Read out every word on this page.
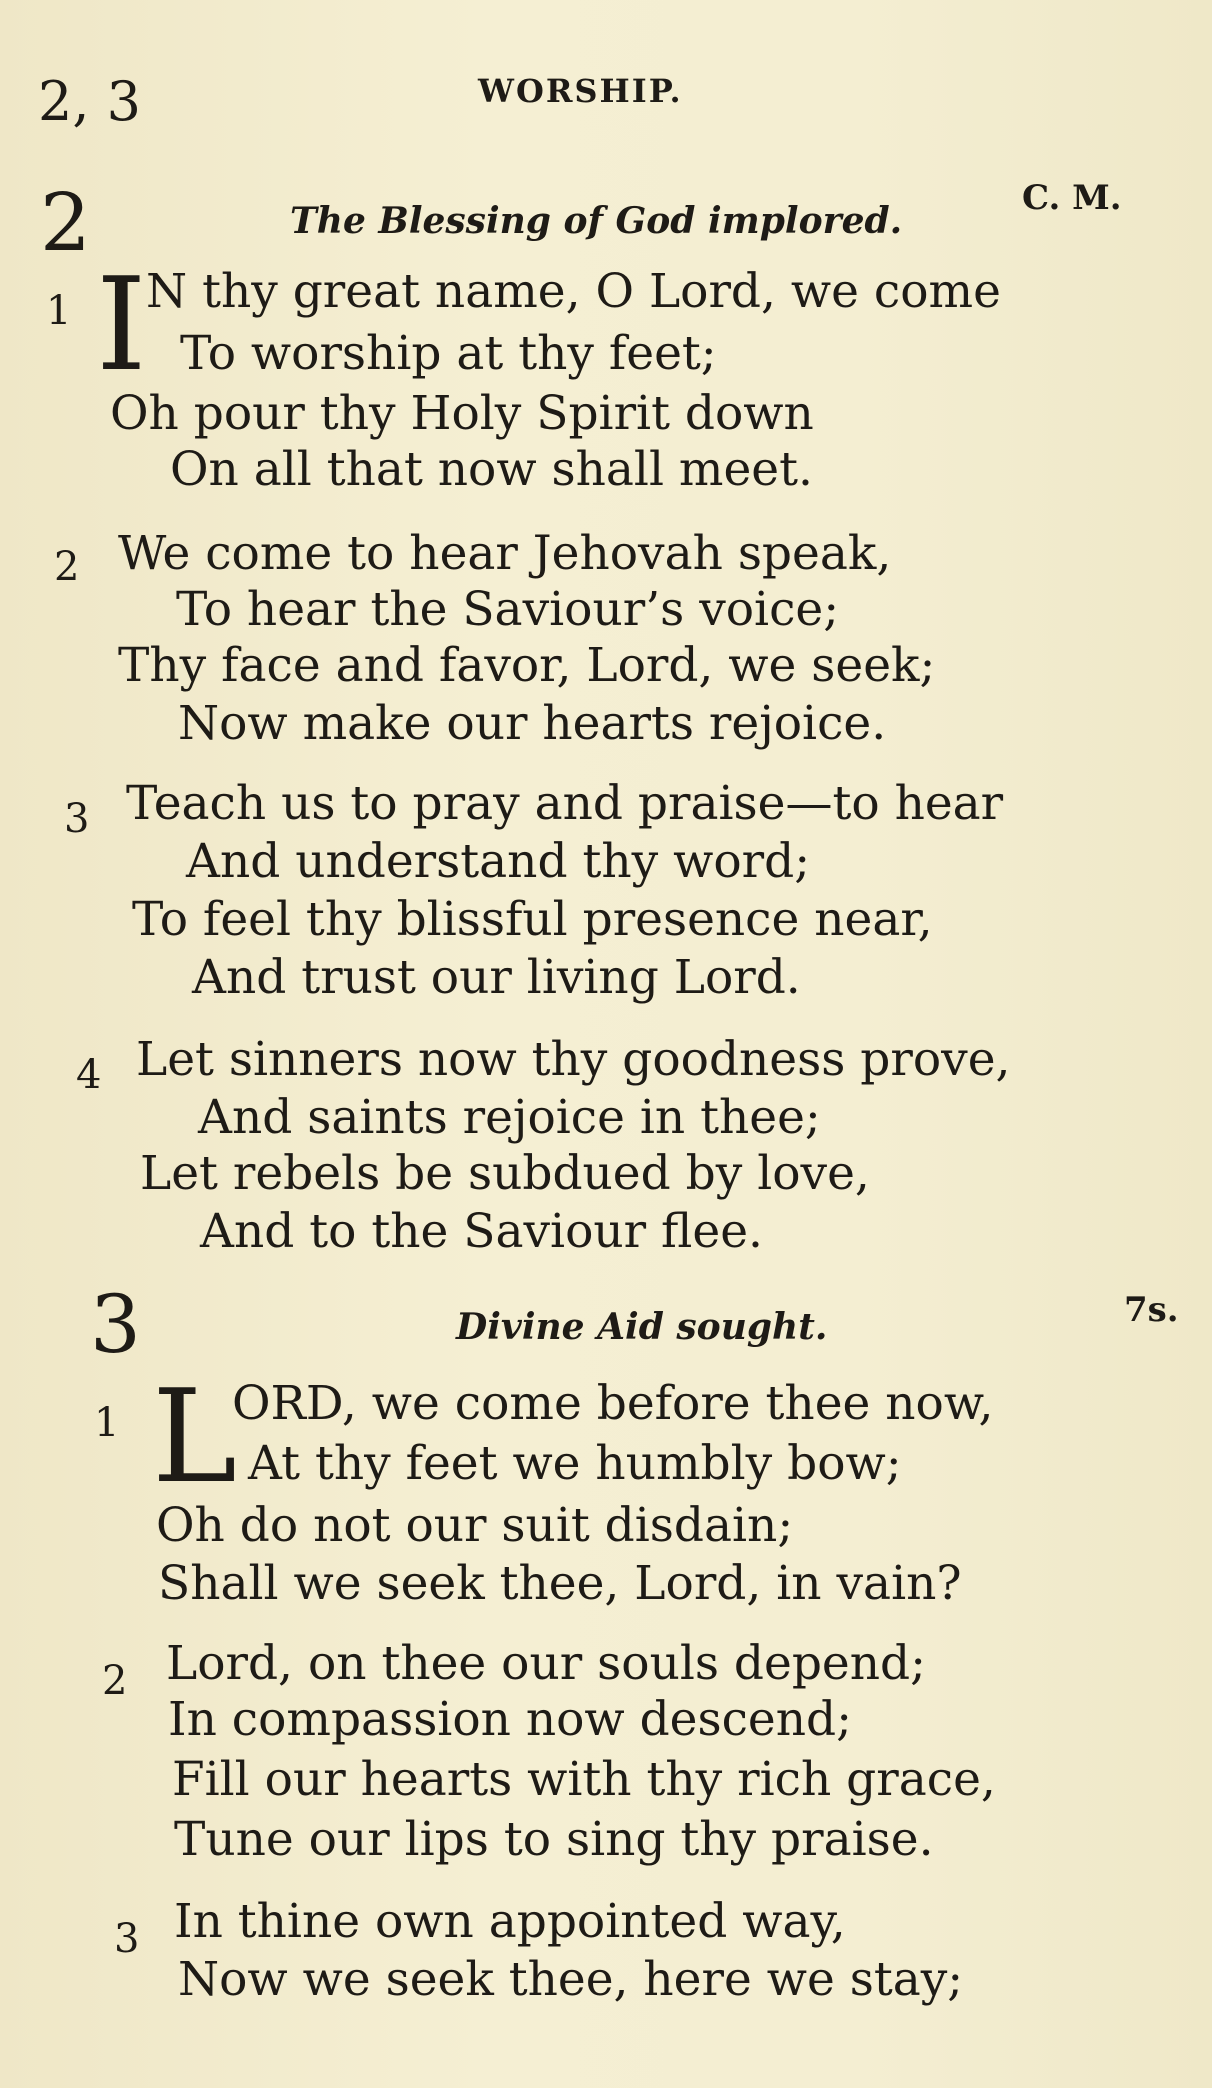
2, 3	WORSHIP.
2	The Blessing of God implored.
C. M.
1 I N thy great name, O Lord, we come
To worship at thy feet;
Oh pour thy Holy Spirit down
On all that now shall meet.
2 We come to hear Jehovah speak,
To hear the Saviour’s voice;
Thy face and favor, Lord, we seek;
Now make our hearts rejoice.
3 Teach us to pray and praise—to hear
And understand thy word;
To feel thy blissful presence near,
And trust our living Lord.
4 Let sinners now thy goodness prove,
And saints rejoice in thee;
Let rebels be subdued by love,
And to the Saviour flee.
3	Divine Aid sought.	7s.
1 L
ORD, we come before thee now,
At thy feet we humbly bow;
Oh do not our suit disdain;
Shall we seek thee, Lord, in vain?
2 Lord, on thee our souls depend;
In compassion now descend;
Fill our hearts with thy rich grace,
Tune our lips to sing thy praise.
3 In thine own appointed way,
Now we seek thee, here we stay;
